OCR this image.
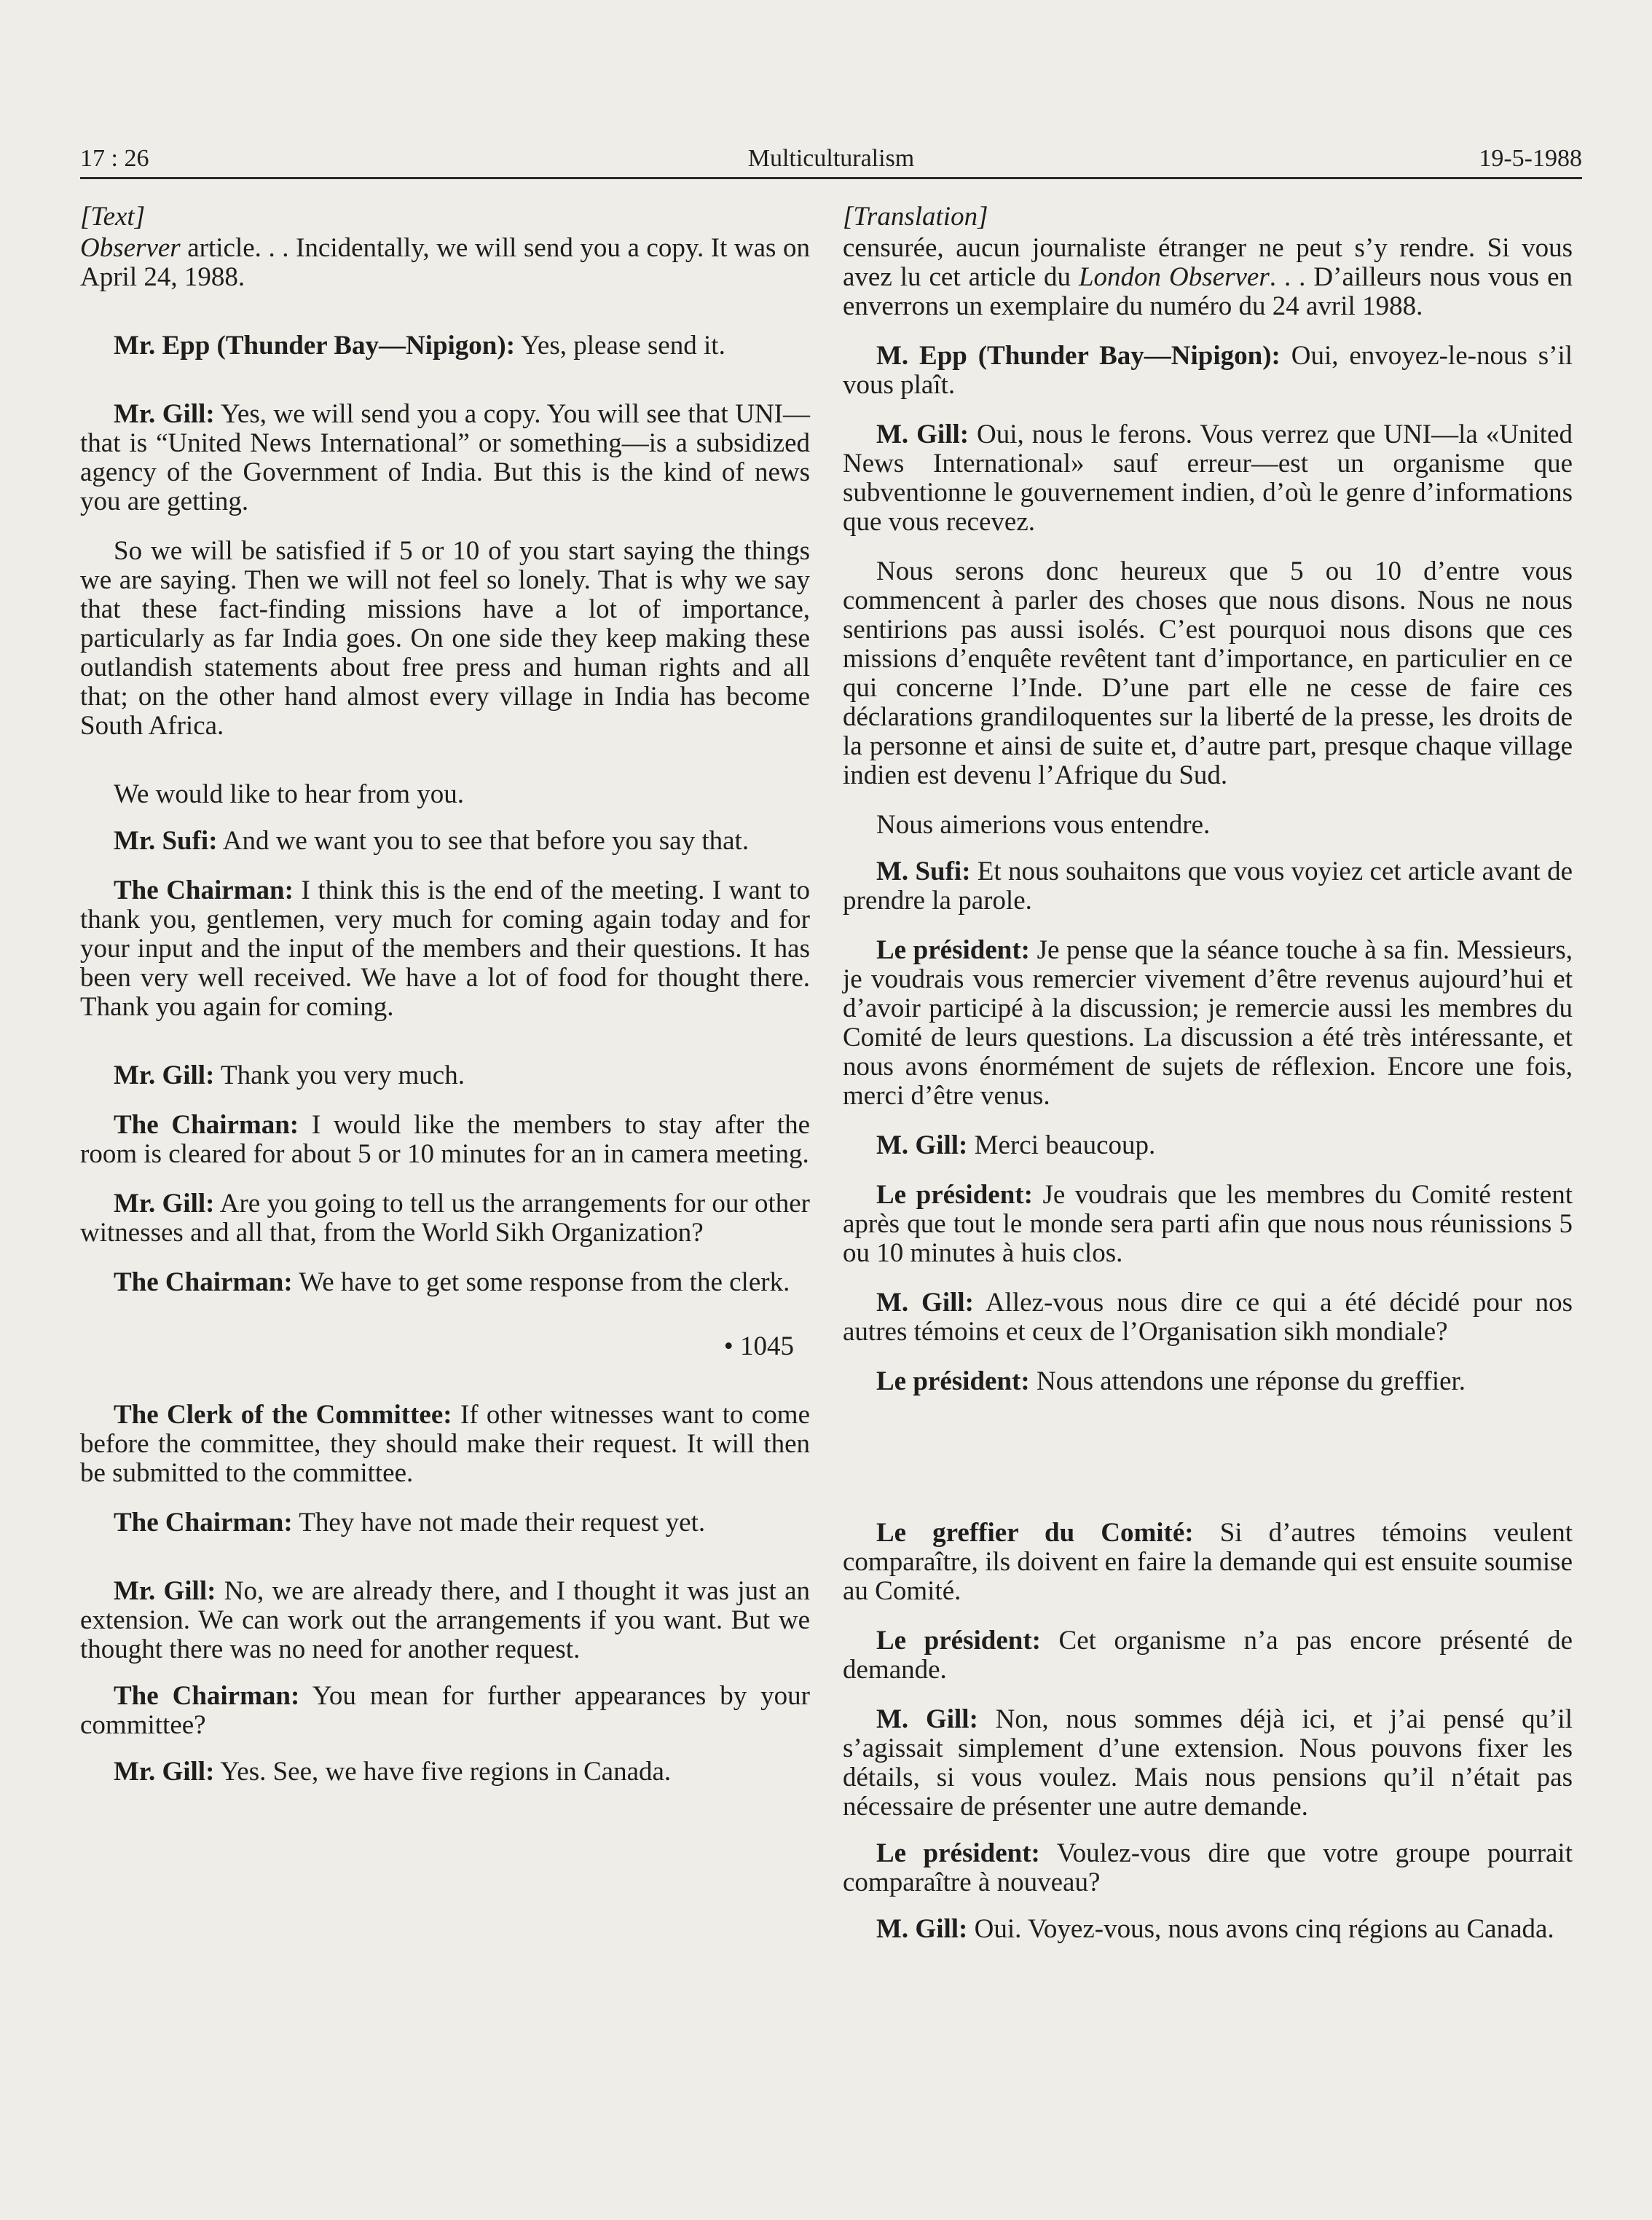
17 : 26	Multiculturalism	19-5-1988
[Text]

Observer article. . . Incidentally, we will send you a copy. It was on April 24, 1988.

Mr. Epp (Thunder Bay—Nipigon): Yes, please send it.

Mr. Gill: Yes, we will send you a copy. You will see that UNI—that is “United News International” or something—is a subsidized agency of the Government of India. But this is the kind of news you are getting.

So we will be satisfied if 5 or 10 of you start saying the things we are saying. Then we will not feel so lonely. That is why we say that these fact-finding missions have a lot of importance, particularly as far India goes. On one side they keep making these outlandish statements about free press and human rights and all that; on the other hand almost every village in India has become South Africa.

We would like to hear from you.

Mr. Sufi: And we want you to see that before you say that.

The Chairman: I think this is the end of the meeting. I want to thank you, gentlemen, very much for coming again today and for your input and the input of the members and their questions. It has been very well received. We have a lot of food for thought there. Thank you again for coming.

Mr. Gill: Thank you very much.

The Chairman: I would like the members to stay after the room is cleared for about 5 or 10 minutes for an in camera meeting.

Mr. Gill: Are you going to tell us the arrangements for our other witnesses and all that, from the World Sikh Organization?

The Chairman: We have to get some response from the clerk.

• 1045

The Clerk of the Committee: If other witnesses want to come before the committee, they should make their request. It will then be submitted to the committee.

The Chairman: They have not made their request yet.

Mr. Gill: No, we are already there, and I thought it was just an extension. We can work out the arrangements if you want. But we thought there was no need for another request.

The Chairman: You mean for further appearances by your committee?

Mr. Gill: Yes. See, we have five regions in Canada.

[Translation]

censurée, aucun journaliste étranger ne peut s’y rendre. Si vous avez lu cet article du London Observer. . . D’ailleurs nous vous en enverrons un exemplaire du numéro du 24 avril 1988.

M. Epp (Thunder Bay—Nipigon): Oui, envoyez-le-nous s’il vous plaît.

M. Gill: Oui, nous le ferons. Vous verrez que UNI—la «United News International» sauf erreur—est un organisme que subventionne le gouvernement indien, d’où le genre d’informations que vous recevez.

Nous serons donc heureux que 5 ou 10 d’entre vous commencent à parler des choses que nous disons. Nous ne nous sentirions pas aussi isolés. C’est pourquoi nous disons que ces missions d’enquête revêtent tant d’importance, en particulier en ce qui concerne l’Inde. D’une part elle ne cesse de faire ces déclarations grandiloquentes sur la liberté de la presse, les droits de la personne et ainsi de suite et, d’autre part, presque chaque village indien est devenu l’Afrique du Sud.

Nous aimerions vous entendre.

M. Sufi: Et nous souhaitons que vous voyiez cet article avant de prendre la parole.

Le président: Je pense que la séance touche à sa fin. Messieurs, je voudrais vous remercier vivement d’être revenus aujourd’hui et d’avoir participé à la discussion; je remercie aussi les membres du Comité de leurs questions. La discussion a été très intéressante, et nous avons énormément de sujets de réflexion. Encore une fois, merci d’être venus.

M. Gill: Merci beaucoup.

Le président: Je voudrais que les membres du Comité restent après que tout le monde sera parti afin que nous nous réunissions 5 ou 10 minutes à huis clos.

M. Gill: Allez-vous nous dire ce qui a été décidé pour nos autres témoins et ceux de l’Organisation sikh mondiale?

Le président: Nous attendons une réponse du greffier.

Le greffier du Comité: Si d’autres témoins veulent comparaître, ils doivent en faire la demande qui est ensuite soumise au Comité.

Le président: Cet organisme n’a pas encore présenté de demande.

M. Gill: Non, nous sommes déjà ici, et j’ai pensé qu’il s’agissait simplement d’une extension. Nous pouvons fixer les détails, si vous voulez. Mais nous pensions qu’il n’était pas nécessaire de présenter une autre demande.

Le président: Voulez-vous dire que votre groupe pourrait comparaître à nouveau?

M. Gill: Oui. Voyez-vous, nous avons cinq régions au Canada.
